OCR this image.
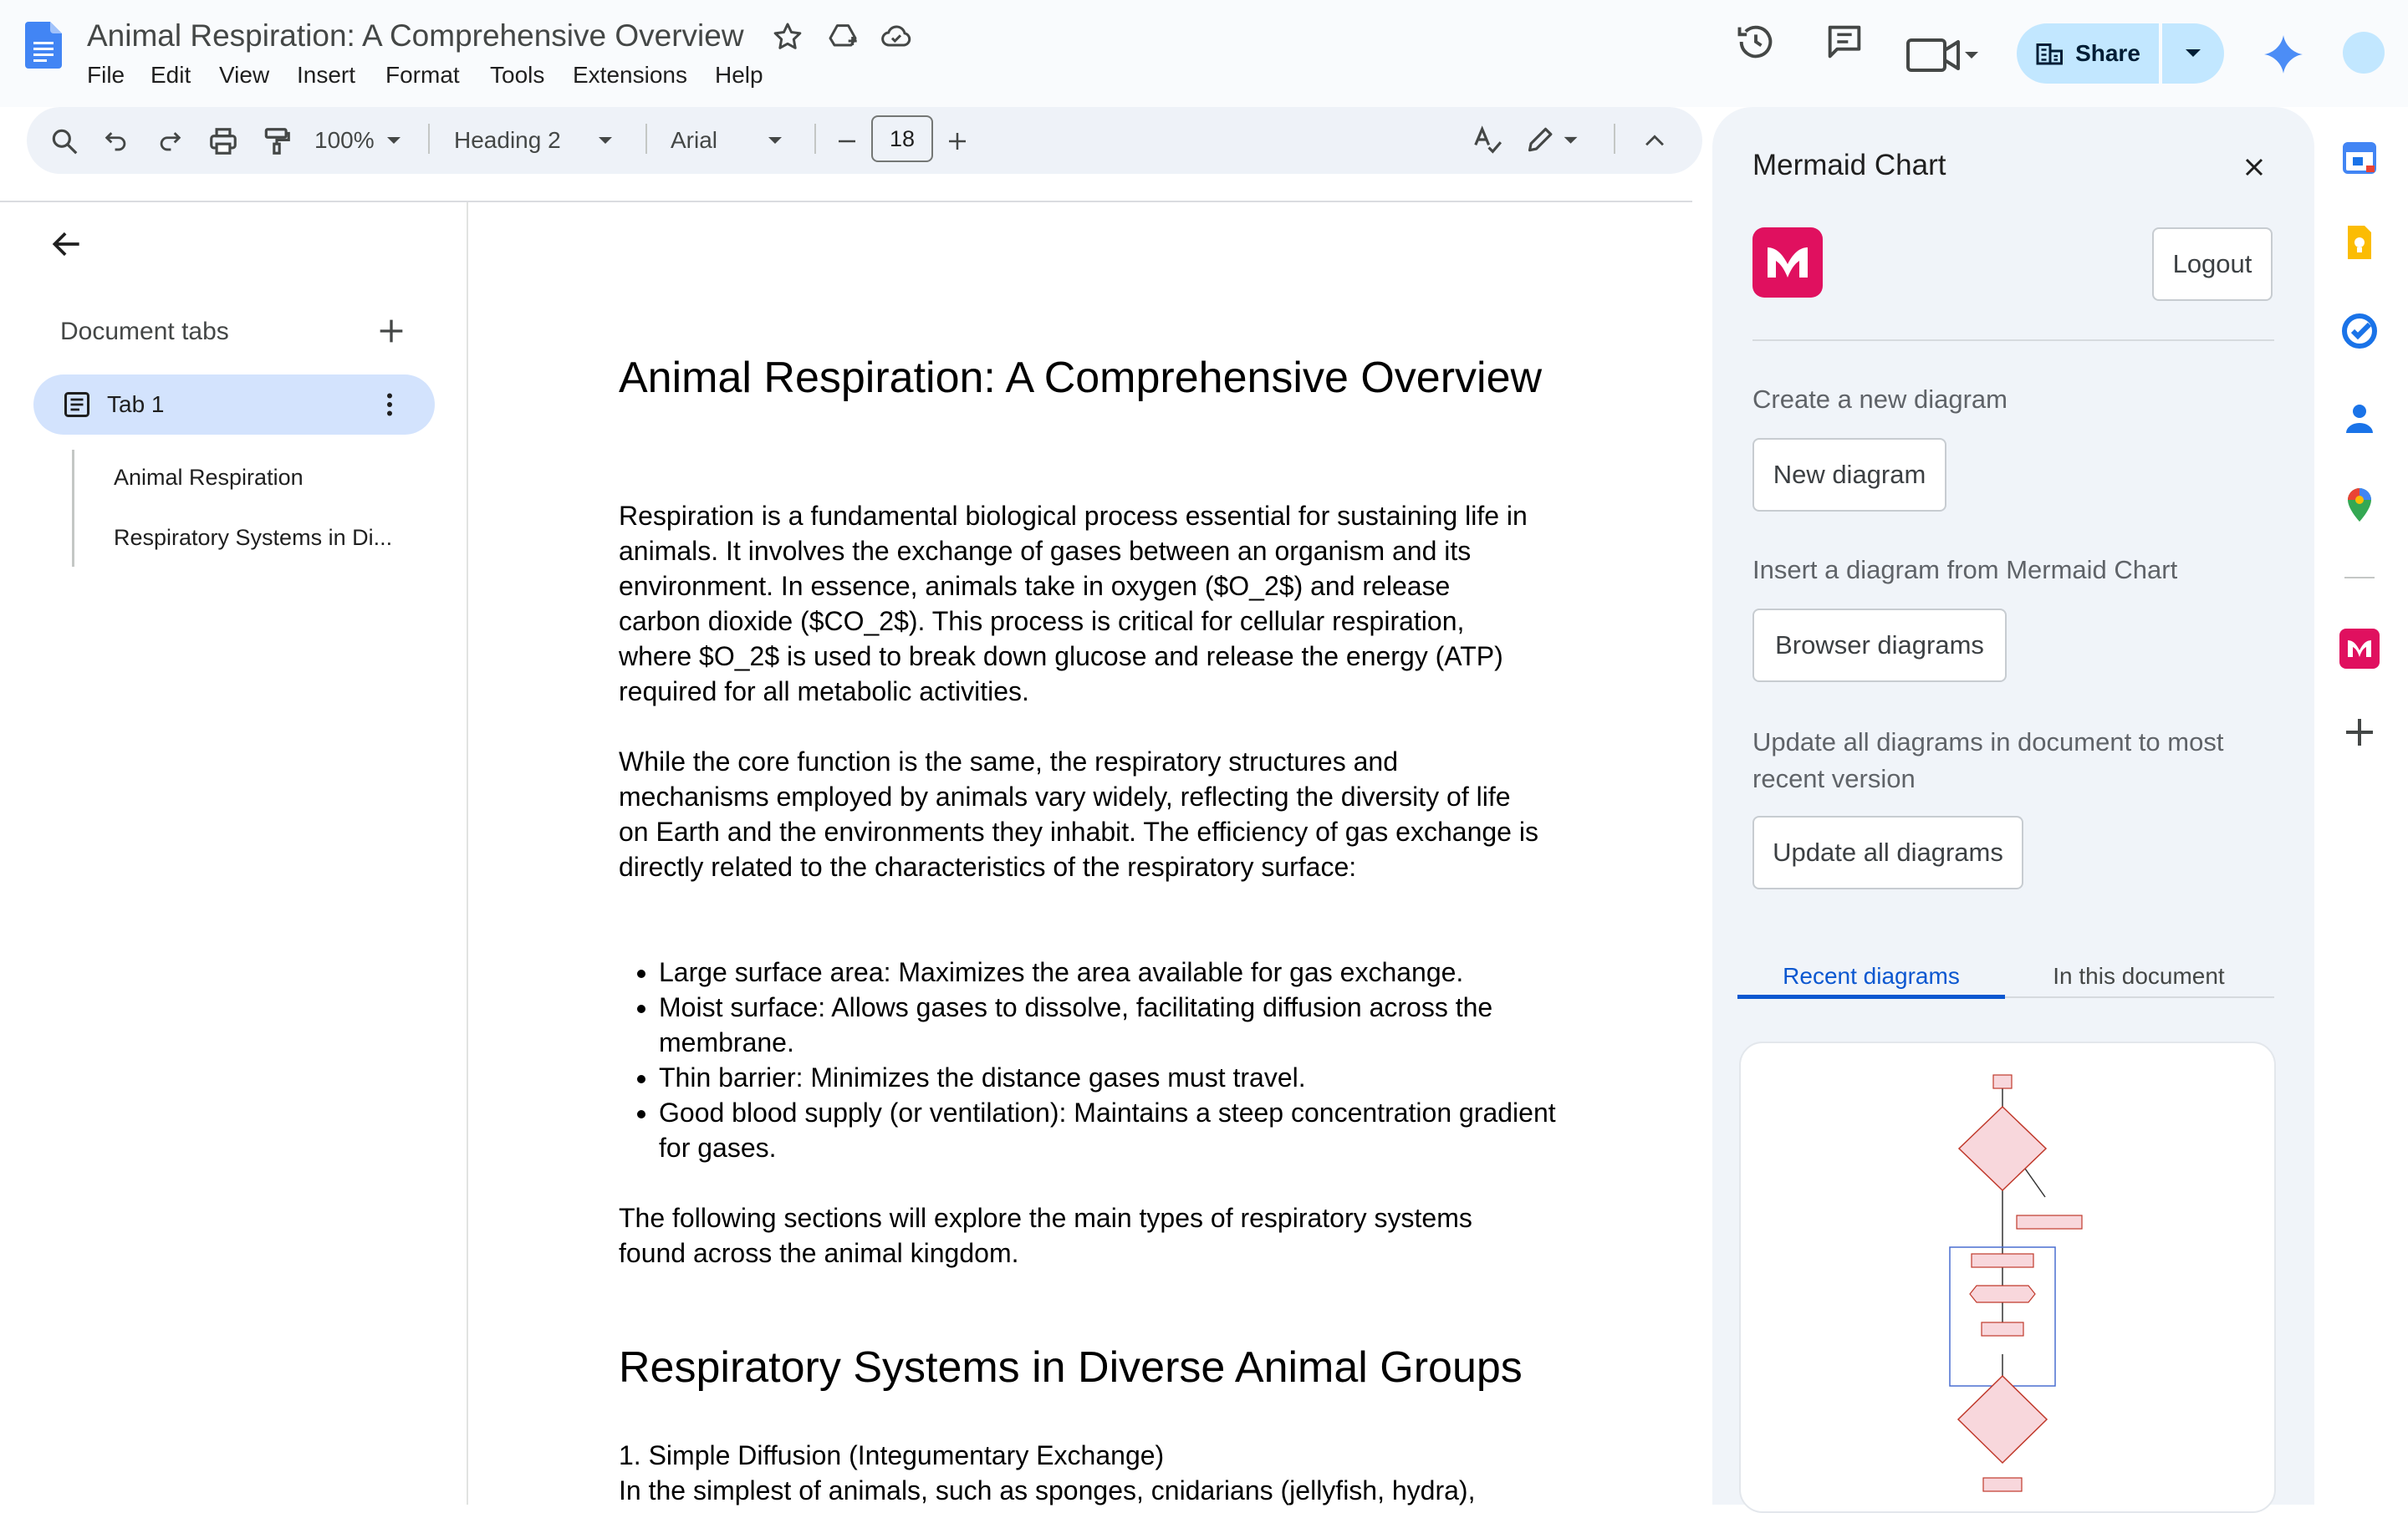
Animal Respiration: A Comprehensive Overview
File Edit View Insert Format Tools Extensions Help
Share
100%	Heading 2	Arial	18
Document tabs
Tab 1
Animal Respiration
Respiratory Systems in Di...
Animal Respiration: A Comprehensive Overview
Respiration is a fundamental biological process essential for sustaining life in animals. It involves the exchange of gases between an organism and its environment. In essence, animals take in oxygen ($O_2$) and release carbon dioxide ($CO_2$). This process is critical for cellular respiration, where $O_2$ is used to break down glucose and release the energy (ATP) required for all metabolic activities.
While the core function is the same, the respiratory structures and mechanisms employed by animals vary widely, reflecting the diversity of life on Earth and the environments they inhabit. The efficiency of gas exchange is directly related to the characteristics of the respiratory surface:
• Large surface area: Maximizes the area available for gas exchange.
• Moist surface: Allows gases to dissolve, facilitating diffusion across the membrane.
• Thin barrier: Minimizes the distance gases must travel.
• Good blood supply (or ventilation): Maintains a steep concentration gradient for gases.
The following sections will explore the main types of respiratory systems found across the animal kingdom.
Respiratory Systems in Diverse Animal Groups
1. Simple Diffusion (Integumentary Exchange)
In the simplest of animals, such as sponges, cnidarians (jellyfish, hydra),
Mermaid Chart
Logout
Create a new diagram
New diagram
Insert a diagram from Mermaid Chart
Browser diagrams
Update all diagrams in document to most recent version
Update all diagrams
Recent diagrams	In this document
